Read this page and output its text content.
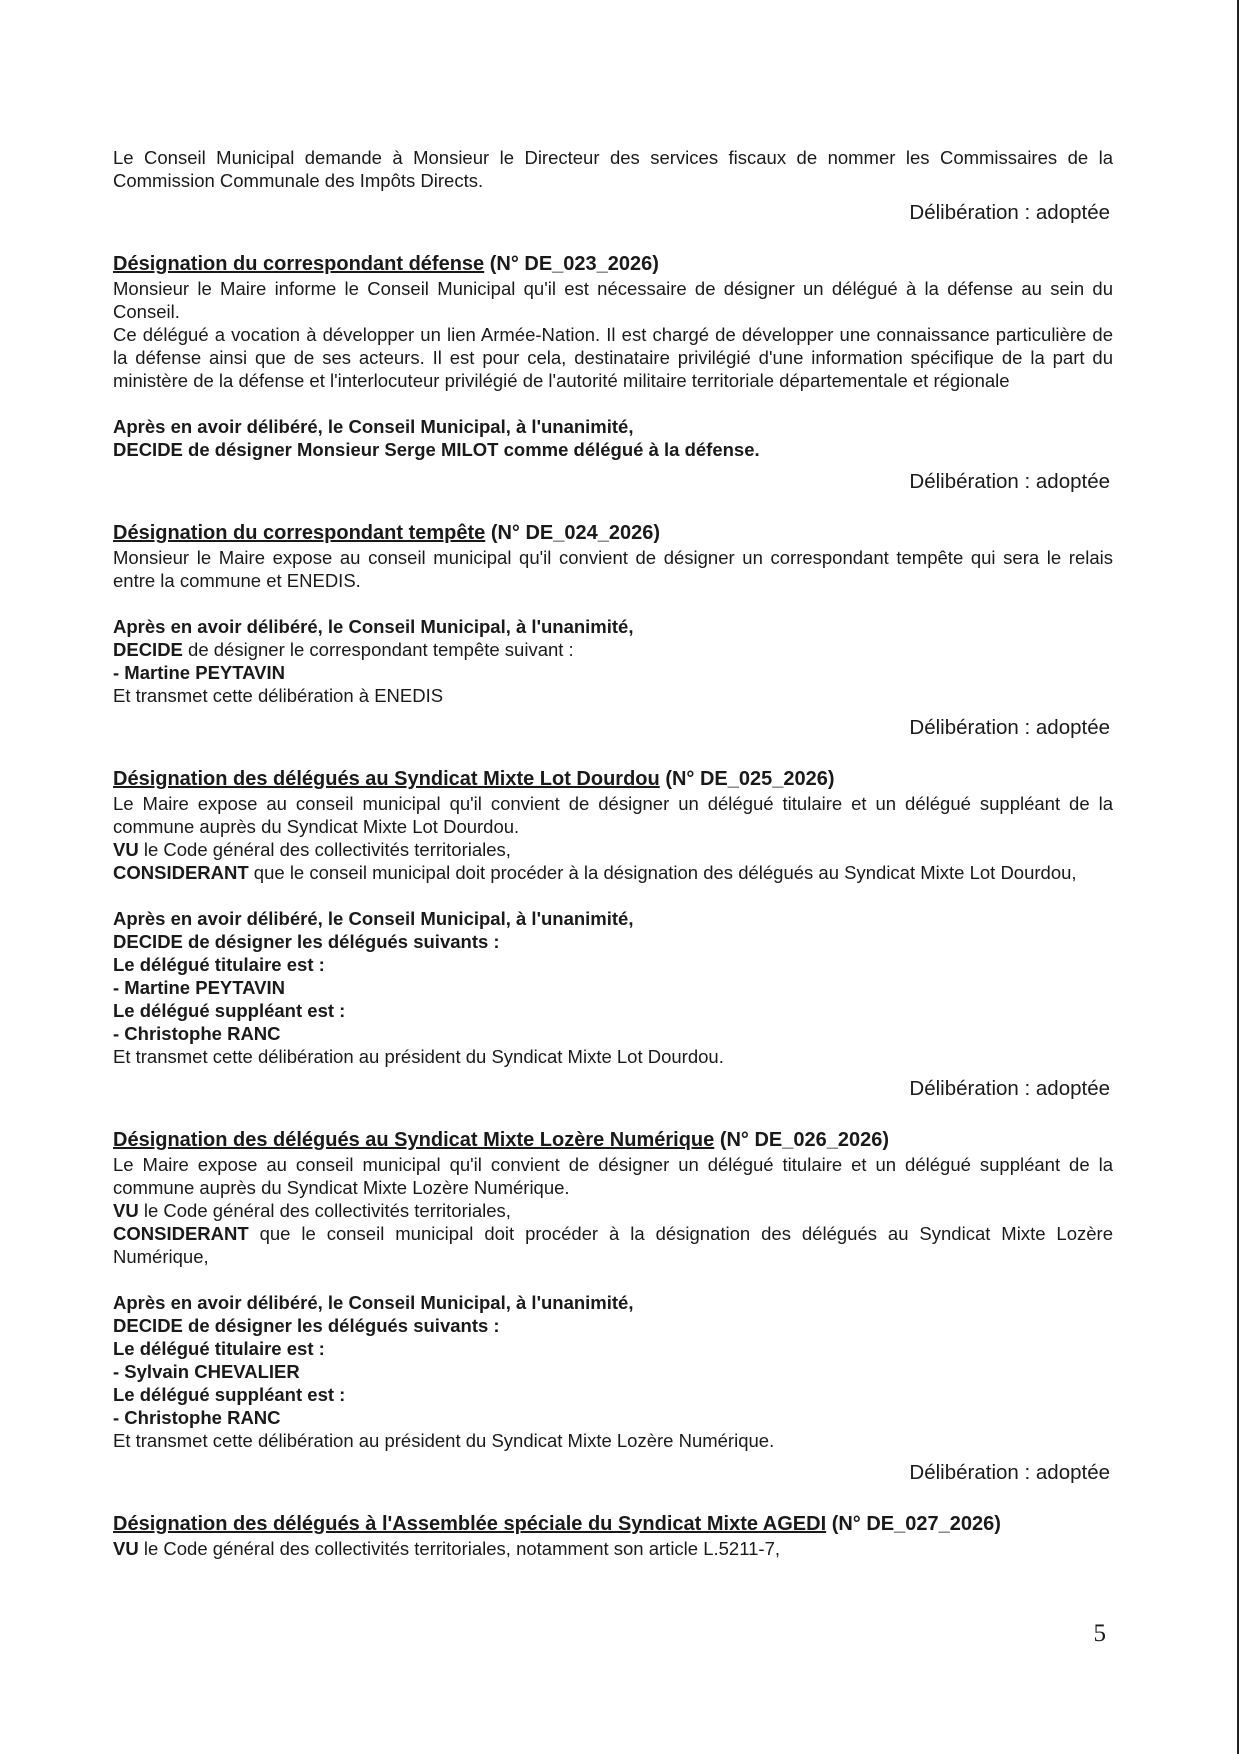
Le Conseil Municipal demande à Monsieur le Directeur des services fiscaux de nommer les Commissaires de la Commission Communale des Impôts Directs.

Délibération : adoptée

Désignation du correspondant défense (N° DE_023_2026)

Monsieur le Maire informe le Conseil Municipal qu'il est nécessaire de désigner un délégué à la défense au sein du Conseil.

Ce délégué a vocation à développer un lien Armée-Nation. Il est chargé de développer une connaissance particulière de la défense ainsi que de ses acteurs. Il est pour cela, destinataire privilégié d'une information spécifique de la part du ministère de la défense et l'interlocuteur privilégié de l'autorité militaire territoriale départementale et régionale

Après en avoir délibéré, le Conseil Municipal, à l'unanimité,

DECIDE de désigner Monsieur Serge MILOT comme délégué à la défense.

Délibération : adoptée

Désignation du correspondant tempête (N° DE_024_2026)

Monsieur le Maire expose au conseil municipal qu'il convient de désigner un correspondant tempête qui sera le relais entre la commune et ENEDIS.

Après en avoir délibéré, le Conseil Municipal, à l'unanimité,

DECIDE de désigner le correspondant tempête suivant :

- Martine PEYTAVIN

Et transmet cette délibération à ENEDIS

Délibération : adoptée

Désignation des délégués au Syndicat Mixte Lot Dourdou (N° DE_025_2026)

Le Maire expose au conseil municipal qu'il convient de désigner un délégué titulaire et un délégué suppléant de la commune auprès du Syndicat Mixte Lot Dourdou.

VU le Code général des collectivités territoriales,

CONSIDERANT que le conseil municipal doit procéder à la désignation des délégués au Syndicat Mixte Lot Dourdou,

Après en avoir délibéré, le Conseil Municipal, à l'unanimité,

DECIDE de désigner les délégués suivants :

Le délégué titulaire est :

- Martine PEYTAVIN

Le délégué suppléant est :

- Christophe RANC

Et transmet cette délibération au président du Syndicat Mixte Lot Dourdou.

Délibération : adoptée

Désignation des délégués au Syndicat Mixte Lozère Numérique (N° DE_026_2026)

Le Maire expose au conseil municipal qu'il convient de désigner un délégué titulaire et un délégué suppléant de la commune auprès du Syndicat Mixte Lozère Numérique.

VU le Code général des collectivités territoriales,

CONSIDERANT que le conseil municipal doit procéder à la désignation des délégués au Syndicat Mixte Lozère Numérique,

Après en avoir délibéré, le Conseil Municipal, à l'unanimité,

DECIDE de désigner les délégués suivants :

Le délégué titulaire est :

- Sylvain CHEVALIER

Le délégué suppléant est :

- Christophe RANC

Et transmet cette délibération au président du Syndicat Mixte Lozère Numérique.

Délibération : adoptée

Désignation des délégués à l'Assemblée spéciale du Syndicat Mixte AGEDI (N° DE_027_2026)

VU le Code général des collectivités territoriales, notamment son article L.5211-7,

5
